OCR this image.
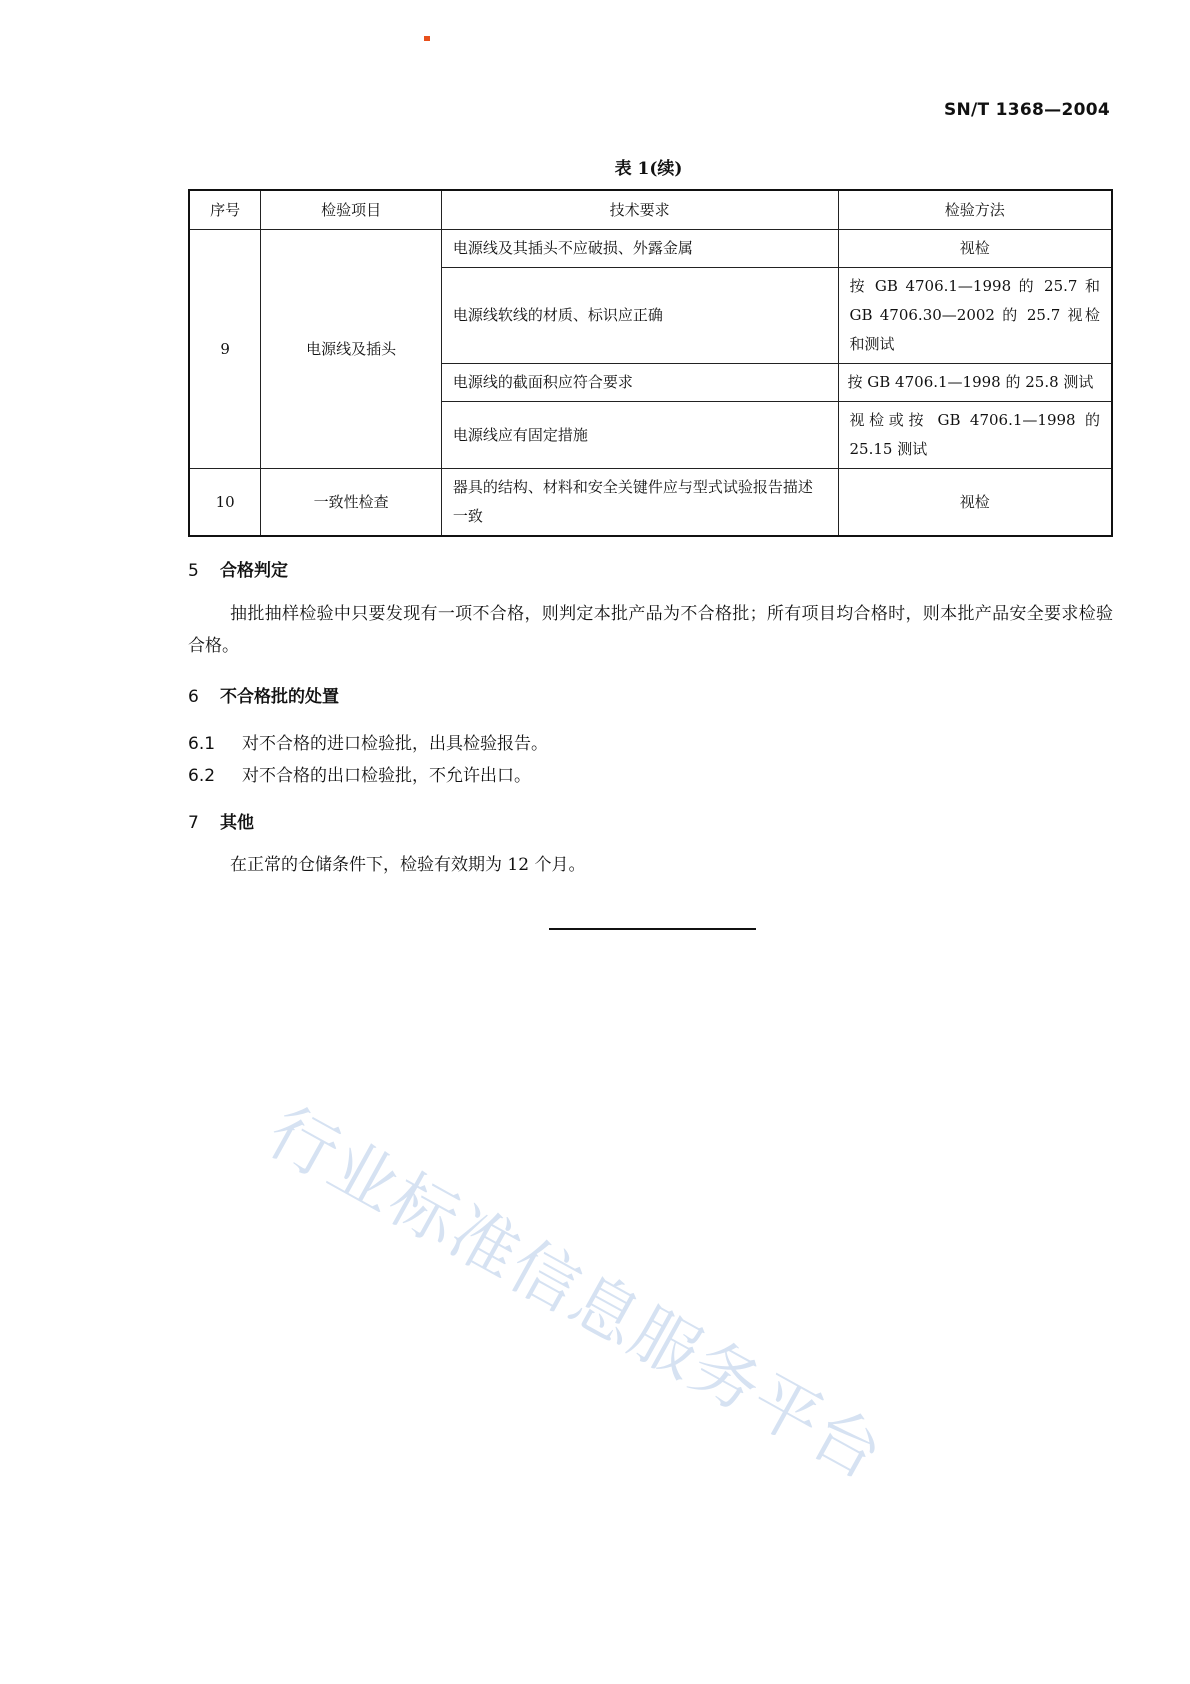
SN/T 1368—2004
表 1(续)
序号	检验项目	技术要求	检验方法
9	电源线及插头	电源线及其插头不应破损、外露金属	视检
		电源线软线的材质、标识应正确	按 GB 4706.1—1998 的 25.7 和 GB 4706.30—2002 的 25.7 视检和测试
		电源线的截面积应符合要求	按 GB 4706.1—1998 的 25.8 测试
		电源线应有固定措施	视检或按 GB 4706.1—1998 的 25.15 测试
10	一致性检查	器具的结构、材料和安全关键件应与型式试验报告描述一致	视检
5 合格判定
抽批抽样检验中只要发现有一项不合格，则判定本批产品为不合格批；所有项目均合格时，则本批产品安全要求检验合格。
6 不合格批的处置
6.1 对不合格的进口检验批，出具检验报告。
6.2 对不合格的出口检验批，不允许出口。
7 其他
在正常的仓储条件下，检验有效期为 12 个月。
行业标准信息服务平台
